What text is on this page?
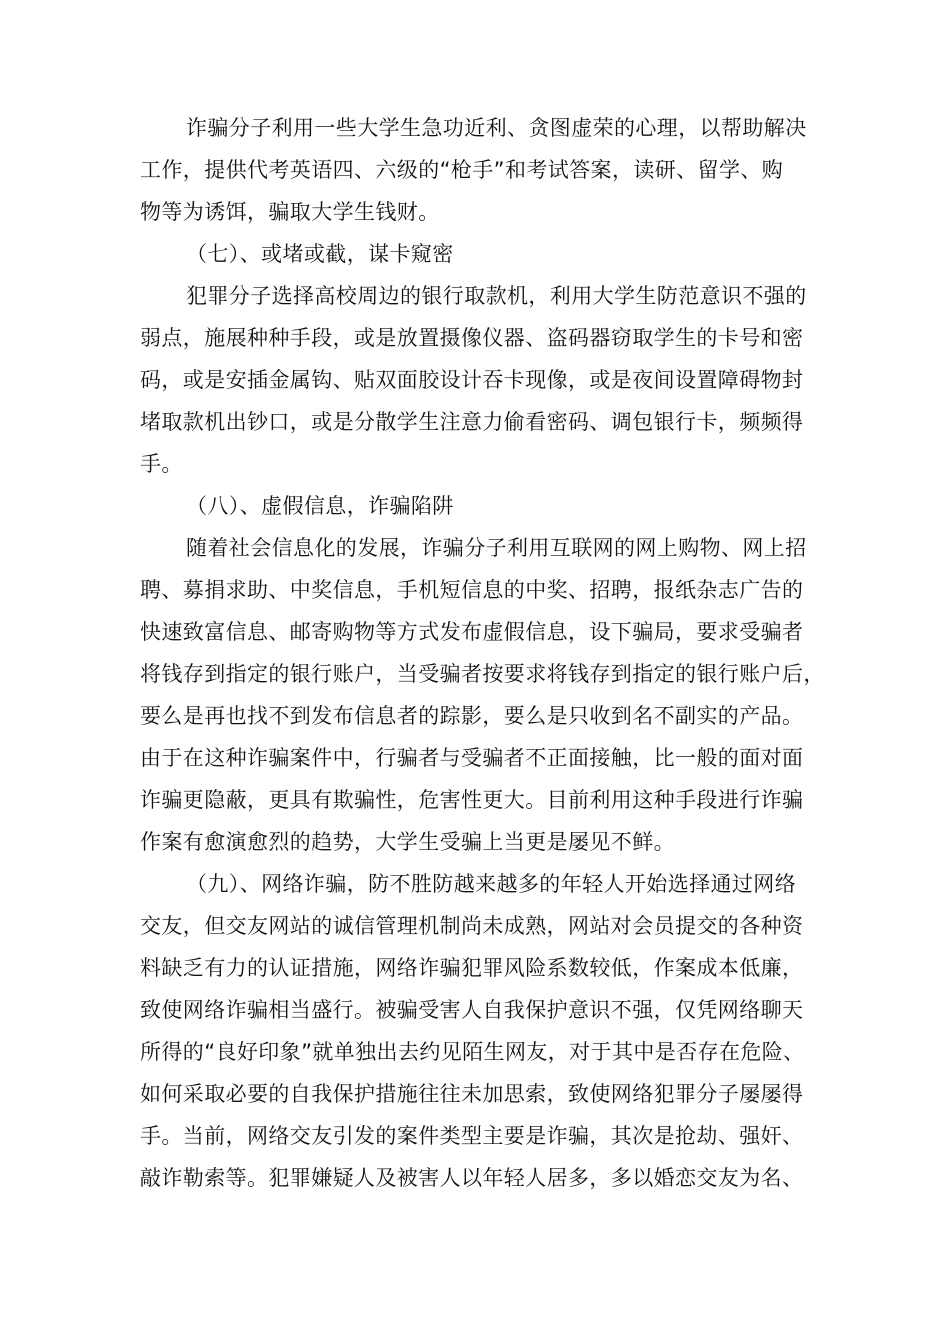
诈骗分子利用一些大学生急功近利、贪图虚荣的心理，以帮助解决
工作，提供代考英语四、六级的“枪手”和考试答案，读研、留学、购
物等为诱饵，骗取大学生钱财。
（七）、或堵或截，谋卡窥密
犯罪分子选择高校周边的银行取款机，利用大学生防范意识不强的
弱点，施展种种手段，或是放置摄像仪器、盗码器窃取学生的卡号和密
码，或是安插金属钩、贴双面胶设计吞卡现像，或是夜间设置障碍物封
堵取款机出钞口，或是分散学生注意力偷看密码、调包银行卡，频频得
手。
（八）、虚假信息，诈骗陷阱
随着社会信息化的发展，诈骗分子利用互联网的网上购物、网上招
聘、募捐求助、中奖信息，手机短信息的中奖、招聘，报纸杂志广告的
快速致富信息、邮寄购物等方式发布虚假信息，设下骗局，要求受骗者
将钱存到指定的银行账户，当受骗者按要求将钱存到指定的银行账户后，
要么是再也找不到发布信息者的踪影，要么是只收到名不副实的产品。
由于在这种诈骗案件中，行骗者与受骗者不正面接触，比一般的面对面
诈骗更隐蔽，更具有欺骗性，危害性更大。目前利用这种手段进行诈骗
作案有愈演愈烈的趋势，大学生受骗上当更是屡见不鲜。
（九）、网络诈骗，防不胜防越来越多的年轻人开始选择通过网络
交友，但交友网站的诚信管理机制尚未成熟，网站对会员提交的各种资
料缺乏有力的认证措施，网络诈骗犯罪风险系数较低，作案成本低廉，
致使网络诈骗相当盛行。被骗受害人自我保护意识不强，仅凭网络聊天
所得的“良好印象”就单独出去约见陌生网友，对于其中是否存在危险、
如何采取必要的自我保护措施往往未加思索，致使网络犯罪分子屡屡得
手。当前，网络交友引发的案件类型主要是诈骗，其次是抢劫、强奸、
敲诈勒索等。犯罪嫌疑人及被害人以年轻人居多，多以婚恋交友为名、
